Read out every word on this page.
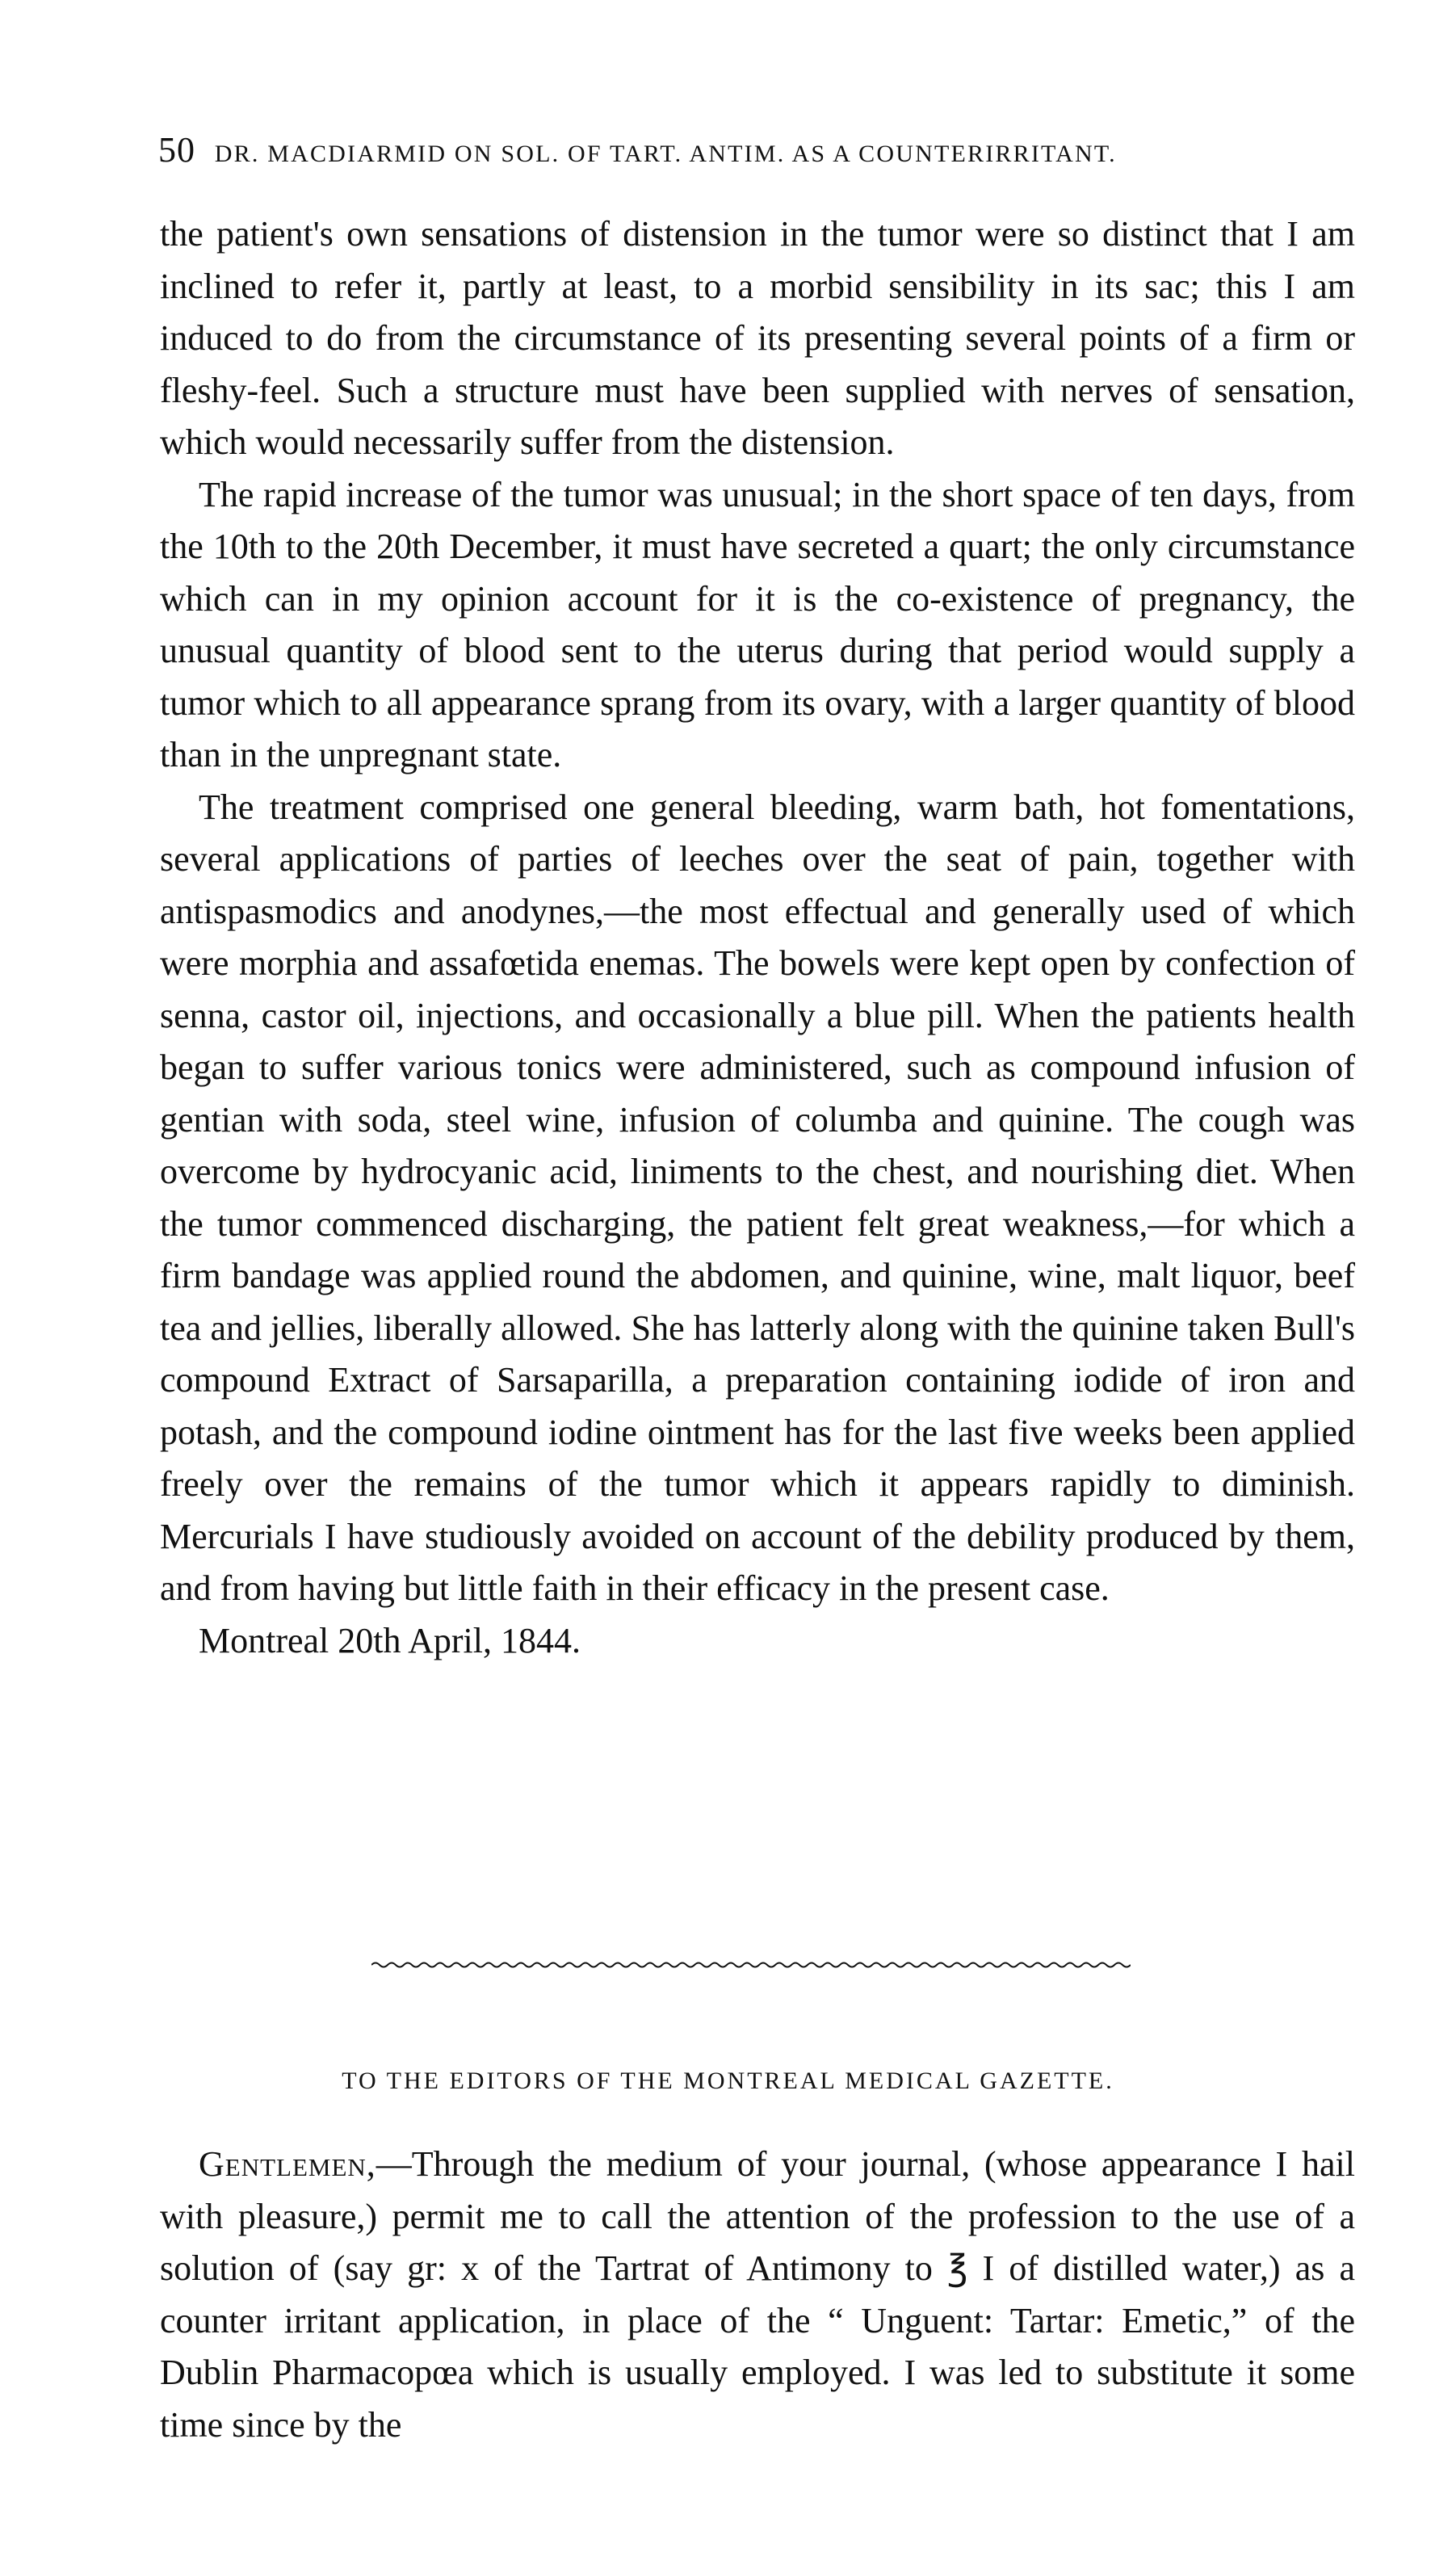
50 DR. MACDIARMID ON SOL. OF TART. ANTIM. AS A COUNTERIRRITANT.

the patient's own sensations of distension in the tumor were so distinct that I am inclined to refer it, partly at least, to a morbid sensibility in its sac; this I am induced to do from the circumstance of its presenting several points of a firm or fleshy-feel. Such a structure must have been supplied with nerves of sensation, which would necessarily suffer from the distension.

The rapid increase of the tumor was unusual; in the short space of ten days, from the 10th to the 20th December, it must have secreted a quart; the only circumstance which can in my opinion account for it is the co-existence of pregnancy, the unusual quantity of blood sent to the uterus during that period would supply a tumor which to all appearance sprang from its ovary, with a larger quantity of blood than in the unpregnant state.

The treatment comprised one general bleeding, warm bath, hot fomentations, several applications of parties of leeches over the seat of pain, together with antispasmodics and anodynes,—the most effectual and generally used of which were morphia and assafœtida enemas. The bowels were kept open by confection of senna, castor oil, injections, and occasionally a blue pill. When the patients health began to suffer various tonics were administered, such as compound infusion of gentian with soda, steel wine, infusion of columba and quinine. The cough was overcome by hydrocyanic acid, liniments to the chest, and nourishing diet. When the tumor commenced discharging, the patient felt great weakness,—for which a firm bandage was applied round the abdomen, and quinine, wine, malt liquor, beef tea and jellies, liberally allowed. She has latterly along with the quinine taken Bull's compound Extract of Sarsaparilla, a preparation containing iodide of iron and potash, and the compound iodine ointment has for the last five weeks been applied freely over the remains of the tumor which it appears rapidly to diminish. Mercurials I have studiously avoided on account of the debility produced by them, and from having but little faith in their efficacy in the present case.

Montreal 20th April, 1844.

TO THE EDITORS OF THE MONTREAL MEDICAL GAZETTE.

Gentlemen,—Through the medium of your journal, (whose appearance I hail with pleasure,) permit me to call the attention of the profession to the use of a solution of (say gr: x of the Tartrat of Antimony to ℥ I of distilled water,) as a counter irritant application, in place of the “ Unguent: Tartar: Emetic,” of the Dublin Pharmacopœa which is usually employed. I was led to substitute it some time since by the
